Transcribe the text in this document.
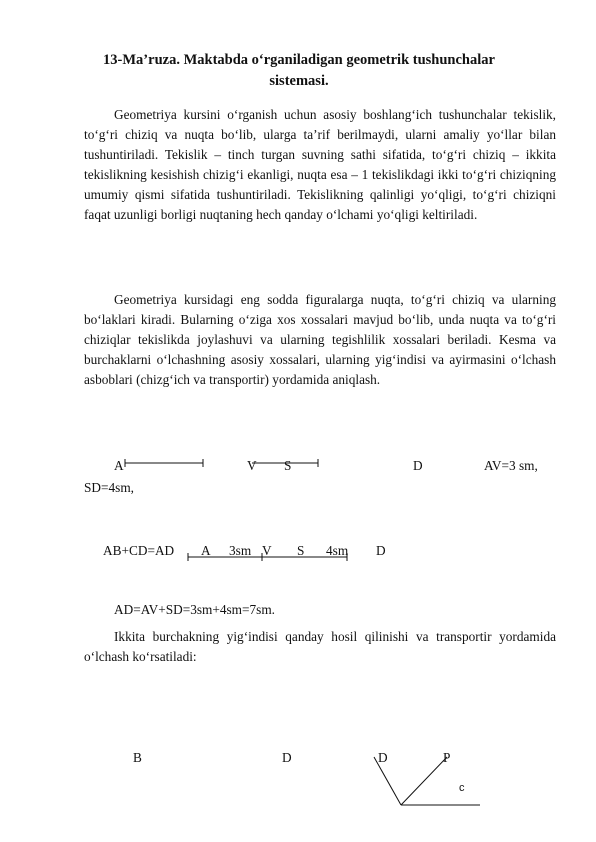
13-Ma’ruza. Maktabda o‘rganiladigan geometrik tushunchalar
sistemasi.
Geometriya kursini o‘rganish uchun asosiy boshlang‘ich tushunchalar tekislik, to‘g‘ri chiziq va nuqta bo‘lib, ularga ta’rif berilmaydi, ularni amaliy yo‘llar bilan tushuntiriladi. Tekislik – tinch turgan suvning sathi sifatida, to‘g‘ri chiziq – ikkita tekislikning kesishish chizig‘i ekanligi, nuqta esa – 1 tekislikdagi ikki to‘g‘ri chiziqning umumiy qismi sifatida tushuntiriladi. Tekislikning qalinligi yo‘qligi, to‘g‘ri chiziqni faqat uzunligi borligi nuqtaning hech qanday o‘lchami yo‘qligi keltiriladi.
Geometriya kursidagi eng sodda figuralarga nuqta, to‘g‘ri chiziq va ularning bo‘laklari kiradi. Bularning o‘ziga xos xossalari mavjud bo‘lib, unda nuqta va to‘g‘ri chiziqlar tekislikda joylashuvi va ularning tegishlilik xossalari beriladi. Kesma va burchaklarni o‘lchashning asosiy xossalari, ularning yig‘indisi va ayirmasini o‘lchash asboblari (chizg‘ich va transportir) yordamida aniqlash.
A	V S	D	AV=3 sm,
SD=4sm,
AB+CD=AD A 3sm V S 4sm D
AD=AV+SD=3sm+4sm=7sm.
Ikkita burchakning yig‘indisi qanday hosil qilinishi va transportir yordamida o‘lchash ko‘rsatiladi:
B	D	D	P
c
